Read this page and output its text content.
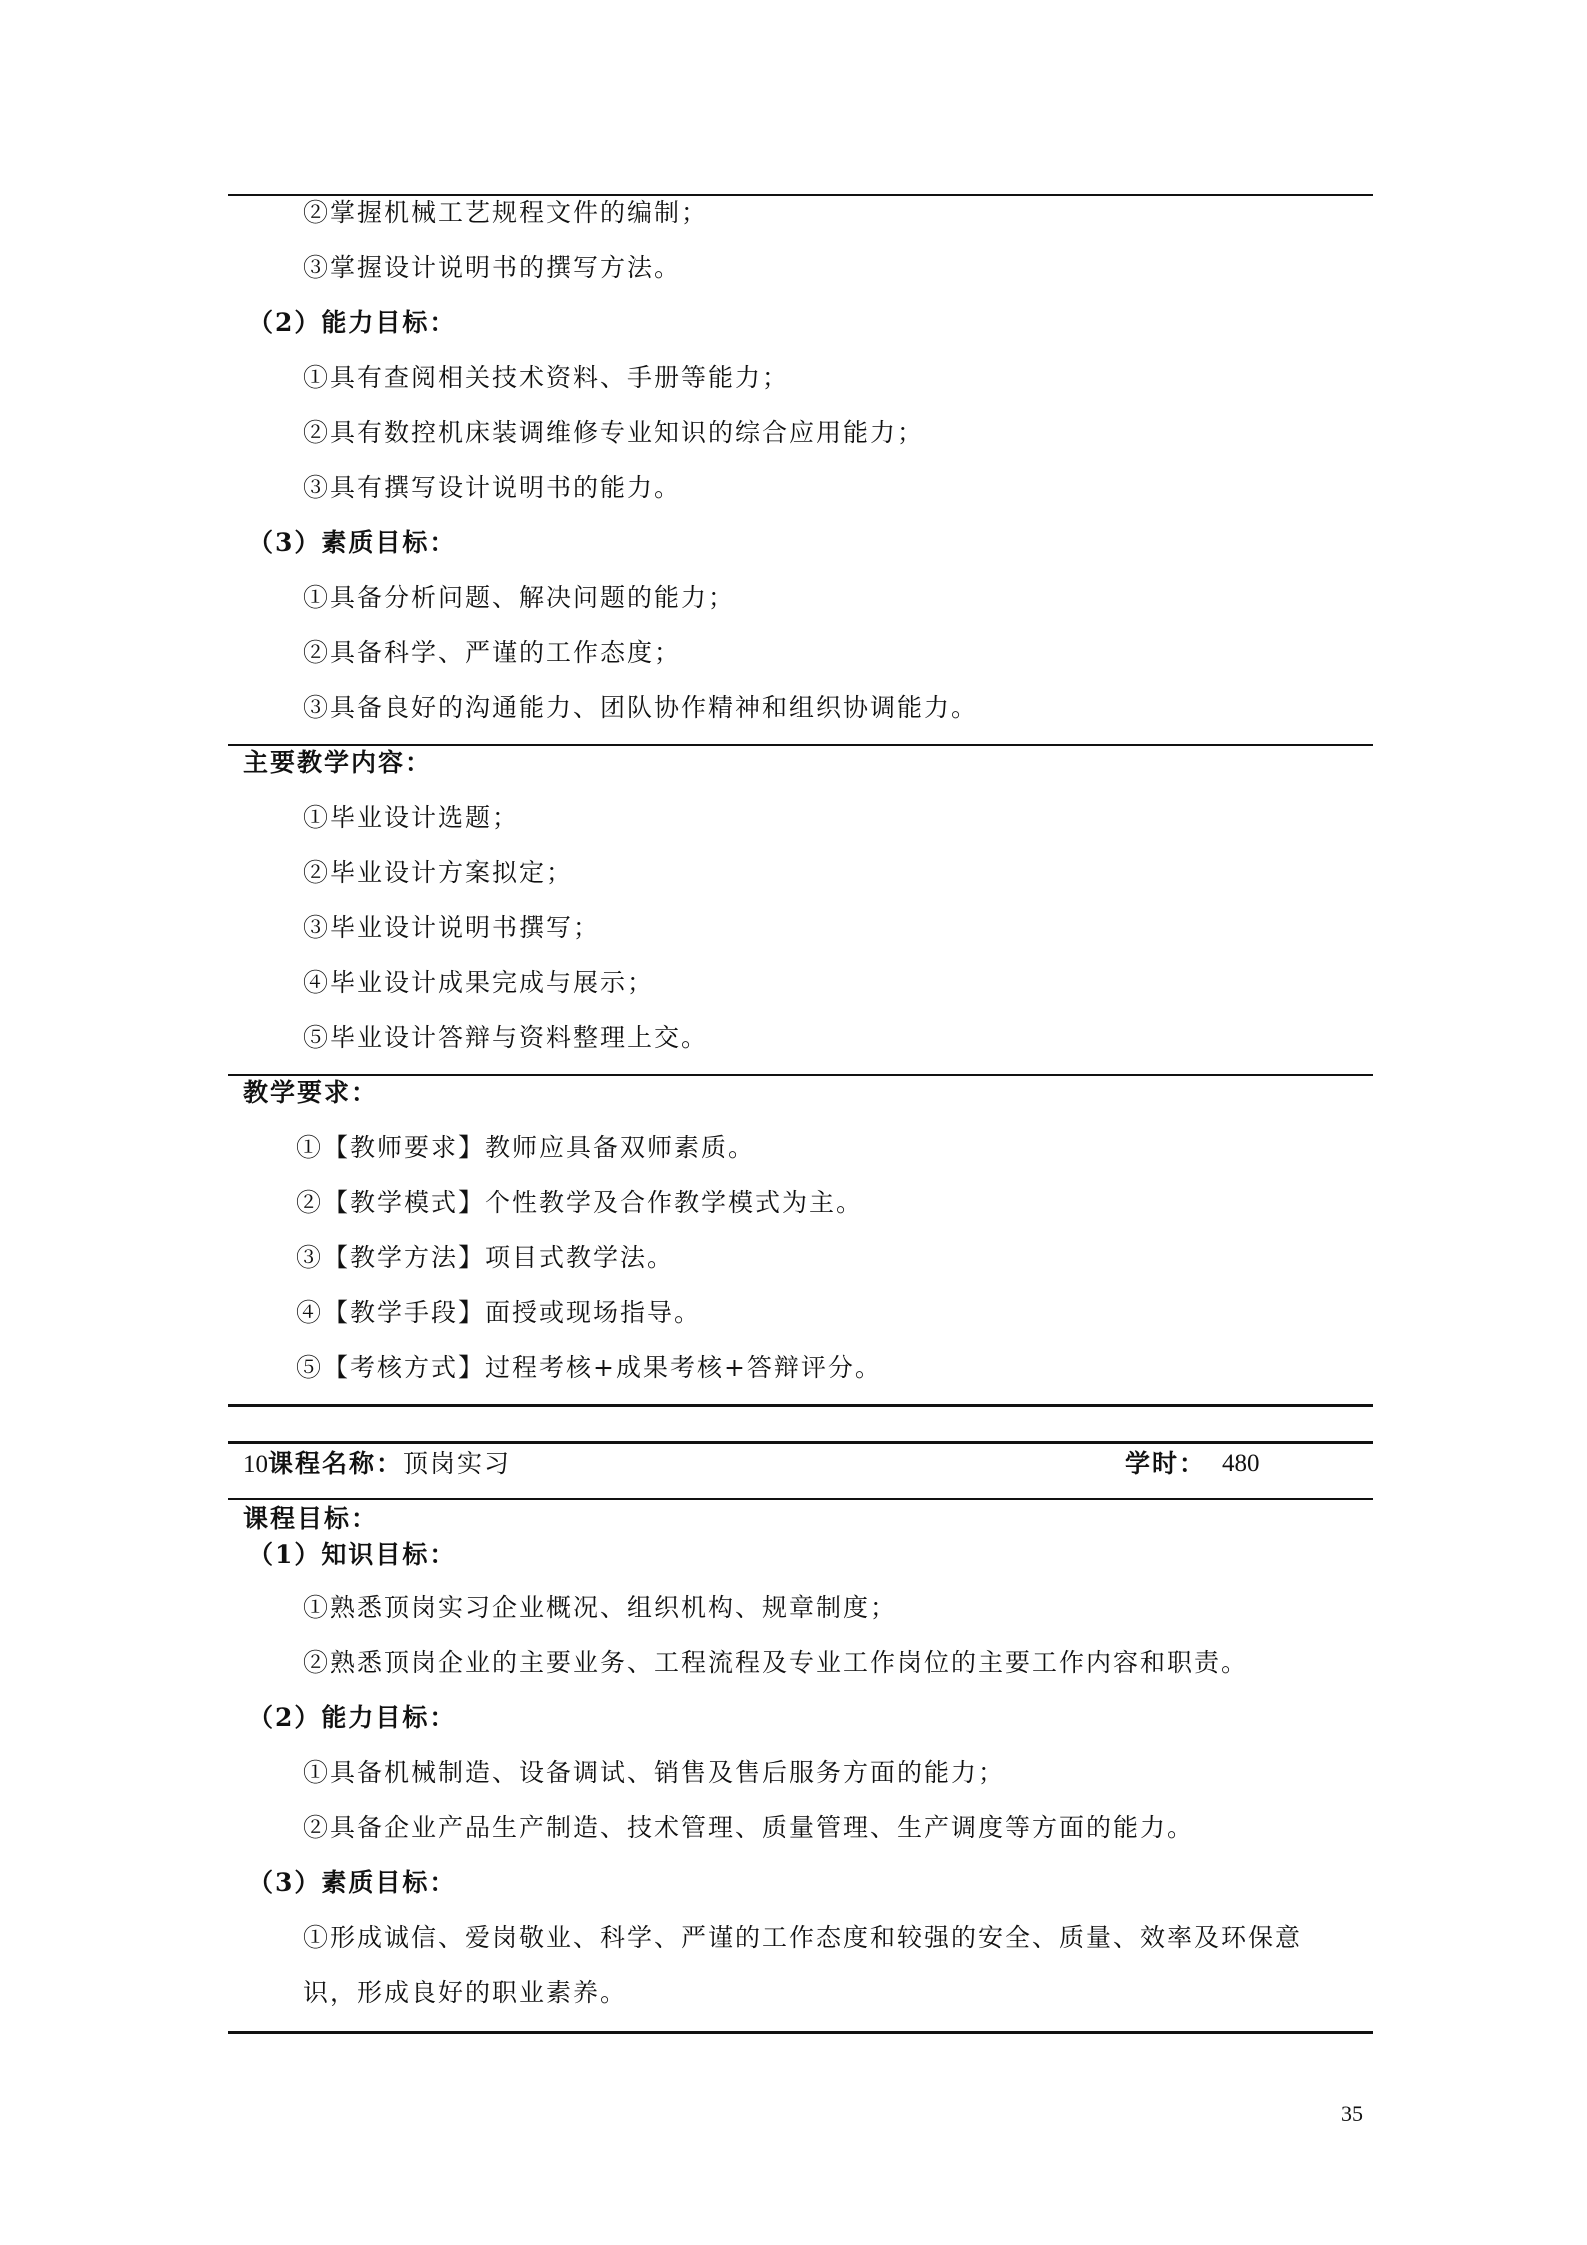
②掌握机械工艺规程文件的编制；
③掌握设计说明书的撰写方法。
（2）能力目标：
①具有查阅相关技术资料、手册等能力；
②具有数控机床装调维修专业知识的综合应用能力；
③具有撰写设计说明书的能力。
（3）素质目标：
①具备分析问题、解决问题的能力；
②具备科学、严谨的工作态度；
③具备良好的沟通能力、团队协作精神和组织协调能力。
主要教学内容：
①毕业设计选题；
②毕业设计方案拟定；
③毕业设计说明书撰写；
④毕业设计成果完成与展示；
⑤毕业设计答辩与资料整理上交。
教学要求：
①【教师要求】教师应具备双师素质。
②【教学模式】个性教学及合作教学模式为主。
③【教学方法】项目式教学法。
④【教学手段】面授或现场指导。
⑤【考核方式】过程考核+成果考核+答辩评分。
10课程名称：顶岗实习	学时： 480
课程目标：
（1）知识目标：
①熟悉顶岗实习企业概况、组织机构、规章制度；
②熟悉顶岗企业的主要业务、工程流程及专业工作岗位的主要工作内容和职责。
（2）能力目标：
①具备机械制造、设备调试、销售及售后服务方面的能力；
②具备企业产品生产制造、技术管理、质量管理、生产调度等方面的能力。
（3）素质目标：
①形成诚信、爱岗敬业、科学、严谨的工作态度和较强的安全、质量、效率及环保意
识，形成良好的职业素养。
35
